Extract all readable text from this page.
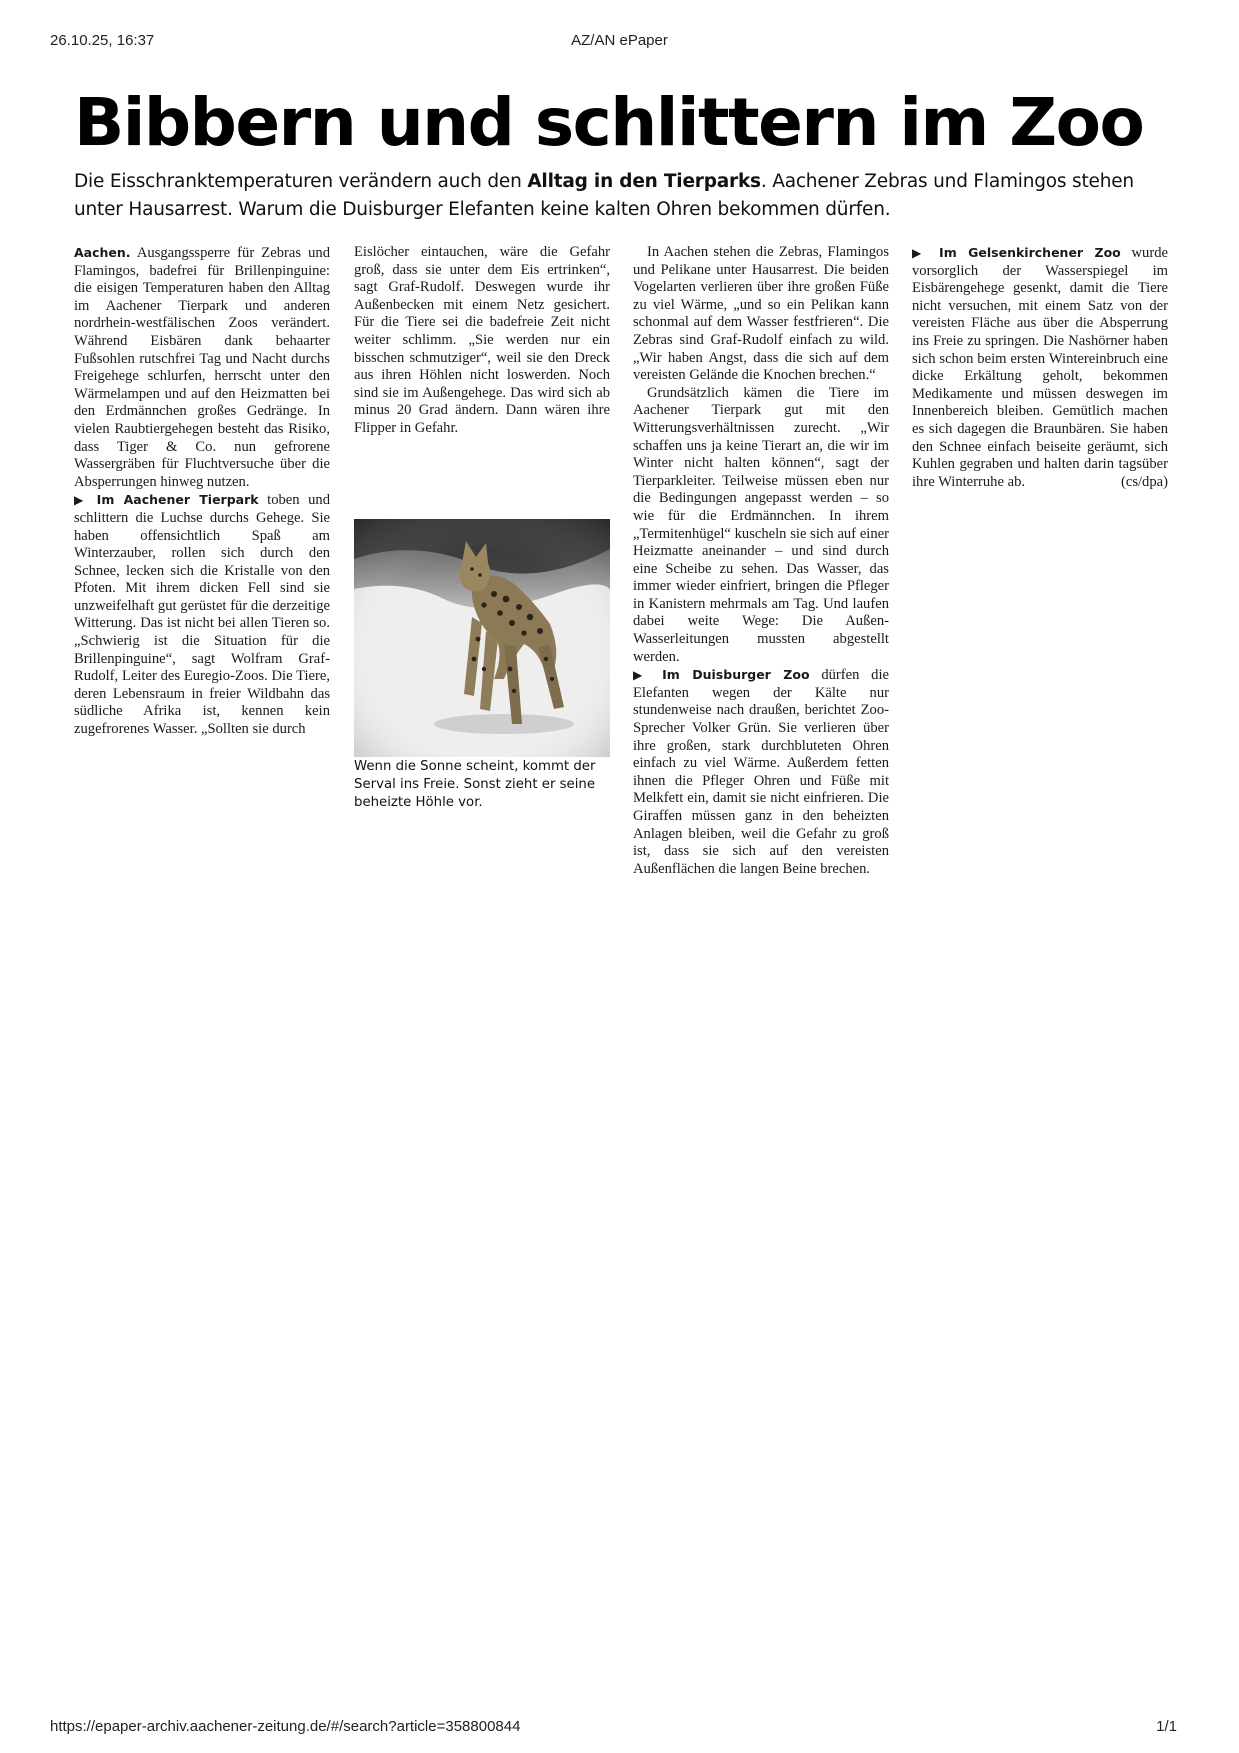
26.10.25, 16:37	AZ/AN ePaper
Bibbern und schlittern im Zoo

Die Eisschranktemperaturen verändern auch den Alltag in den Tierparks. Aachener Zebras und Flamingos stehen unter Hausarrest. Warum die Duisburger Elefanten keine kalten Ohren bekommen dürfen.

Aachen. Ausgangssperre für Zebras und Flamingos, badefrei für Brillenpinguine: die eisigen Temperaturen haben den Alltag im Aachener Tierpark und anderen nordrhein-westfälischen Zoos verändert. Während Eisbären dank behaarter Fußsohlen rutschfrei Tag und Nacht durchs Freigehege schlurfen, herrscht unter den Wärmelampen und auf den Heizmatten bei den Erdmännchen großes Gedränge. In vielen Raubtiergehegen besteht das Risiko, dass Tiger & Co. nun gefrorene Wassergräben für Fluchtversuche über die Absperrungen hinweg nutzen.

▶ Im Aachener Tierpark toben und schlittern die Luchse durchs Gehege. Sie haben offensichtlich Spaß am Winterzauber, rollen sich durch den Schnee, lecken sich die Kristalle von den Pfoten. Mit ihrem dicken Fell sind sie unzweifelhaft gut gerüstet für die derzeitige Witterung. Das ist nicht bei allen Tieren so. „Schwierig ist die Situation für die Brillenpinguine“, sagt Wolfram Graf-Rudolf, Leiter des Euregio-Zoos. Die Tiere, deren Lebensraum in freier Wildbahn das südliche Afrika ist, kennen kein zugefrorenes Wasser. „Sollten sie durch

Wenn die Sonne scheint, kommt der Serval ins Freie. Sonst zieht er seine beheizte Höhle vor.

In Aachen stehen die Zebras, Flamingos und Pelikane unter Hausarrest. Die beiden Vogelarten verlieren über ihre großen Füße zu viel Wärme, „und so ein Pelikan kann schonmal auf dem Wasser festfrieren“. Die Zebras sind Graf-Rudolf einfach zu wild. „Wir haben Angst, dass die sich auf dem vereisten Gelände die Knochen brechen.“

Grundsätzlich kämen die Tiere im Aachener Tierpark gut mit den Witterungsverhältnissen zurecht. „Wir schaffen uns ja keine Tierart an, die wir im Winter nicht halten können“, sagt der Tierparkleiter. Teilweise müssen eben nur die Bedingungen angepasst werden – so wie für die Erdmännchen. In ihrem „Termitenhügel“ kuscheln sie sich auf einer Heizmatte aneinander – und sind durch eine Scheibe zu sehen. Das Wasser, das immer wieder einfriert, bringen die Pfleger in Kanistern mehrmals am Tag. Und laufen dabei weite Wege: Die Außen-Wasserleitungen mussten abgestellt werden.

▶ Im Duisburger Zoo dürfen die Elefanten wegen der Kälte nur stundenweise nach draußen, berichtet Zoo-Sprecher Volker Grün. Sie verlieren über ihre großen, stark durchbluteten Ohren einfach zu viel Wärme. Außerdem fetten ihnen die Pfleger Ohren und Füße mit Melkfett ein, damit sie nicht einfrieren. Die Giraffen müssen ganz in den beheizten Anlagen bleiben, weil die Gefahr zu groß ist, dass sie sich auf den vereisten Außenflächen die langen Beine brechen.

▶ Im Gelsenkirchener Zoo wurde vorsorglich der Wasserspiegel im Eisbärengehege gesenkt, damit die Tiere nicht versuchen, mit einem Satz von der vereisten Fläche aus über die Absperrung ins Freie zu springen. Die Nashörner haben sich schon beim ersten Wintereinbruch eine dicke Erkältung geholt, bekommen Medikamente und müssen deswegen im Innenbereich bleiben. Gemütlich machen es sich dagegen die Braunbären. Sie haben den Schnee einfach beiseite geräumt, sich Kuhlen gegraben und halten darin tagsüber ihre Winterruhe ab.	(cs/dpa)

https://epaper-archiv.aachener-zeitung.de/#/search?article=358800844	1/1

Eislöcher eintauchen, wäre die Gefahr groß, dass sie unter dem Eis ertrinken“, sagt Graf-Rudolf. Deswegen wurde ihr Außenbecken mit einem Netz gesichert. Für die Tiere sei die badefreie Zeit nicht weiter schlimm. „Sie werden nur ein bisschen schmutziger“, weil sie den Dreck aus ihren Höhlen nicht loswerden. Noch sind sie im Außengehege. Das wird sich ab minus 20 Grad ändern. Dann wären ihre Flipper in Gefahr.
